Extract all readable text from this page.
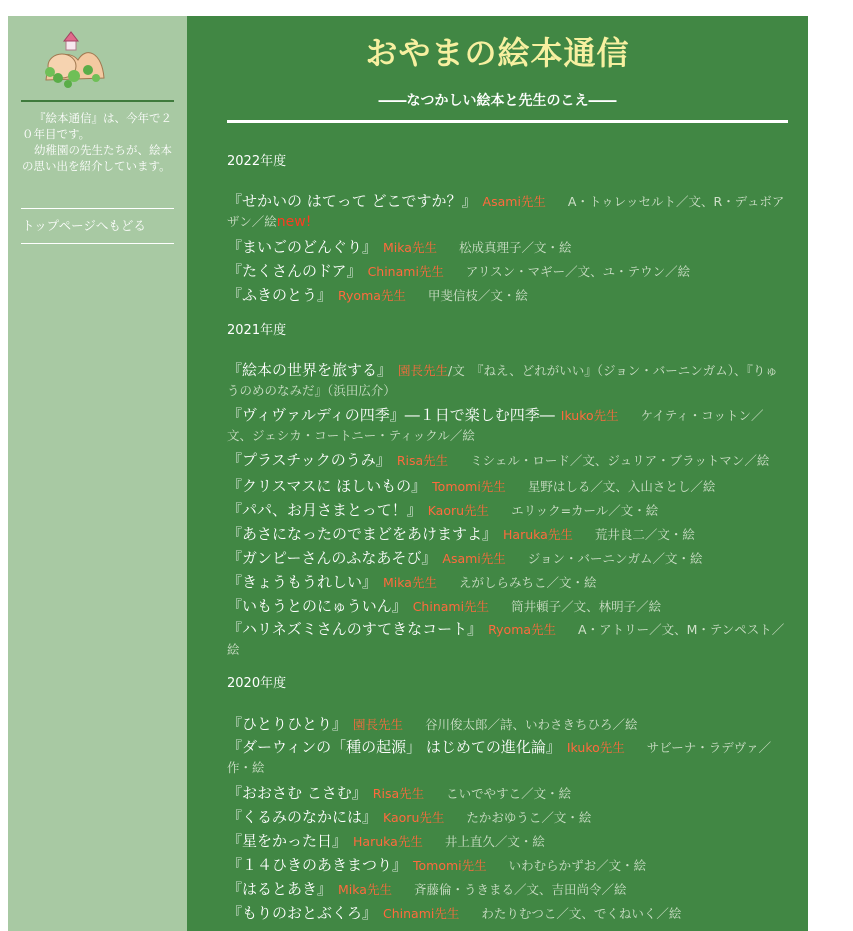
『絵本通信』は、今年で２０年目です。

幼稚園の先生たちが、絵本の思い出を紹介しています。

トップページへもどる
おやまの絵本通信
――なつかしい絵本と先生のこえ――
2022年度
『せかいの はてって どこですか？』 Asami先生 A・トゥレッセルト／文、R・デュボアザン／絵new!
『まいごのどんぐり』 Mika先生 松成真理子／文・絵
『たくさんのドア』 Chinami先生 アリスン・マギー／文、ユ・テウン／絵
『ふきのとう』 Ryoma先生 甲斐信枝／文・絵
2021年度
『絵本の世界を旅する』 園長先生/文　『ねえ、どれがいい』（ジョン・バーニンガム）、『りゅうのめのなみだ』（浜田広介）
『ヴィヴァルディの四季』―１日で楽しむ四季― Ikuko先生 ケイティ・コットン／文、ジェシカ・コートニー・ティックル／絵
『プラスチックのうみ』 Risa先生 ミシェル・ロード／文、ジュリア・ブラットマン／絵
『クリスマスに ほしいもの』 Tomomi先生 星野はしる／文、入山さとし／絵
『パパ、お月さまとって！』 Kaoru先生 エリック=カール／文・絵
『あさになったのでまどをあけますよ』 Haruka先生 荒井良二／文・絵
『ガンピーさんのふなあそび』 Asami先生 ジョン・バーニンガム／文・絵
『きょうもうれしい』 Mika先生 えがしらみちこ／文・絵
『いもうとのにゅういん』 Chinami先生 筒井頼子／文、林明子／絵
『ハリネズミさんのすてきなコート』 Ryoma先生 A・アトリー／文、M・テンペスト／絵
2020年度
『ひとりひとり』 園長先生 谷川俊太郎／詩、いわさきちひろ／絵
『ダーウィンの「種の起源」 はじめての進化論』 Ikuko先生 サビーナ・ラデヴァ／作・絵
『おおさむ こさむ』 Risa先生 こいでやすこ／文・絵
『くるみのなかには』 Kaoru先生 たかおゆうこ／文・絵
『星をかった日』 Haruka先生 井上直久／文・絵
『１４ひきのあきまつり』 Tomomi先生 いわむらかずお／文・絵
『はるとあき』 Mika先生 斉藤倫・うきまる／文、吉田尚令／絵
『もりのおとぶくろ』 Chinami先生 わたりむつこ／文、でくねいく／絵
